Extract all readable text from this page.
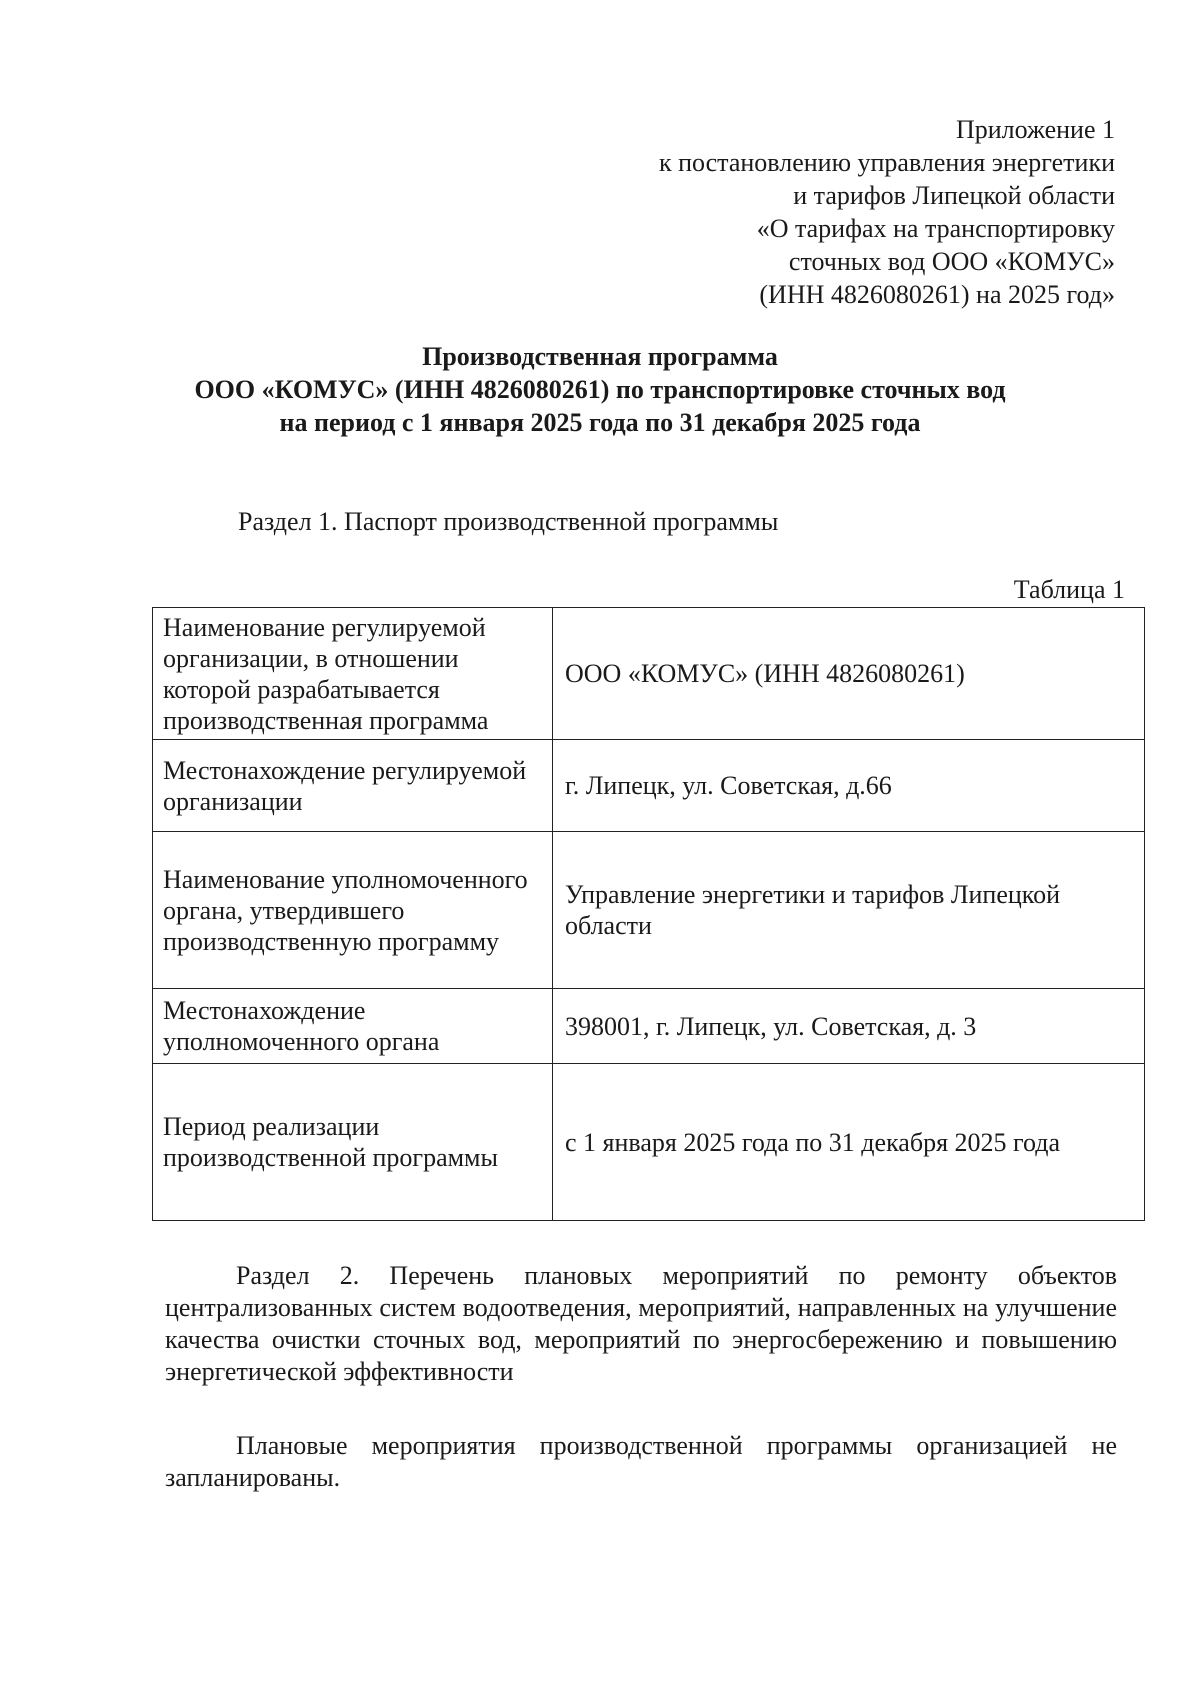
Приложение 1
к постановлению управления энергетики
и тарифов Липецкой области
«О тарифах на транспортировку
сточных вод ООО «КОМУС»
(ИНН 4826080261) на 2025 год»
Производственная программа
ООО «КОМУС» (ИНН 4826080261) по транспортировке сточных вод
на период с 1 января 2025 года по 31 декабря 2025 года
Раздел 1. Паспорт производственной программы
Таблица 1
Наименование регулируемой организации, в отношении которой разрабатывается производственная программа	ООО «КОМУС» (ИНН 4826080261)
Местонахождение регулируемой организации	г. Липецк, ул. Советская, д.66
Наименование уполномоченного органа, утвердившего производственную программу	Управление энергетики и тарифов Липецкой области
Местонахождение уполномоченного органа	398001, г. Липецк, ул. Советская, д. 3
Период реализации производственной программы	с 1 января 2025 года по 31 декабря 2025 года
Раздел 2. Перечень плановых мероприятий по ремонту объектов централизованных систем водоотведения, мероприятий, направленных на улучшение качества очистки сточных вод, мероприятий по энергосбережению и повышению энергетической эффективности
Плановые мероприятия производственной программы организацией не запланированы.
